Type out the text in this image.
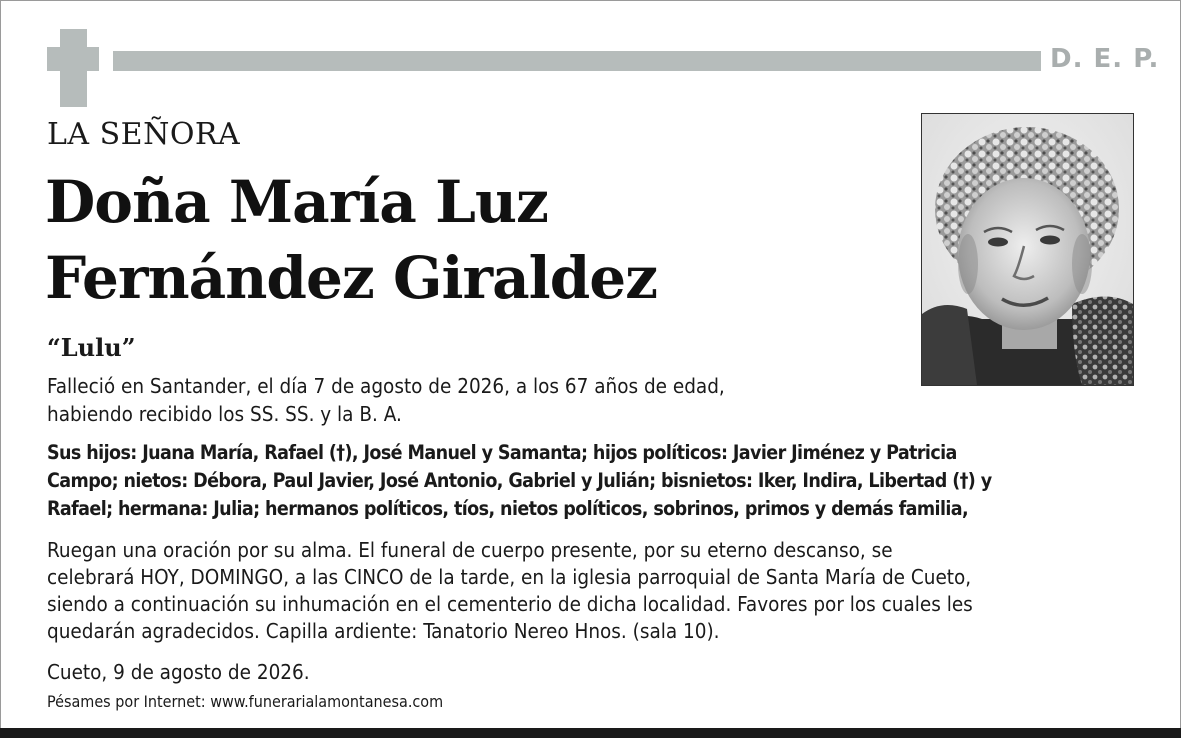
D. E. P.
LA SEÑORA
Doña María Luz
Fernández Giraldez
“Lulu”
Falleció en Santander, el día 7 de agosto de 2026, a los 67 años de edad,
habiendo recibido los SS. SS. y la B. A.
Sus hijos: Juana María, Rafael (†), José Manuel y Samanta; hijos políticos: Javier Jiménez y Patricia
Campo; nietos: Débora, Paul Javier, José Antonio, Gabriel y Julián; bisnietos: Iker, Indira, Libertad (†) y
Rafael; hermana: Julia; hermanos políticos, tíos, nietos políticos, sobrinos, primos y demás familia,
Ruegan una oración por su alma. El funeral de cuerpo presente, por su eterno descanso, se
celebrará HOY, DOMINGO, a las CINCO de la tarde, en la iglesia parroquial de Santa María de Cueto,
siendo a continuación su inhumación en el cementerio de dicha localidad. Favores por los cuales les
quedarán agradecidos. Capilla ardiente: Tanatorio Nereo Hnos. (sala 10).
Cueto, 9 de agosto de 2026.
Pésames por Internet: www.funerarialamontanesa.com
